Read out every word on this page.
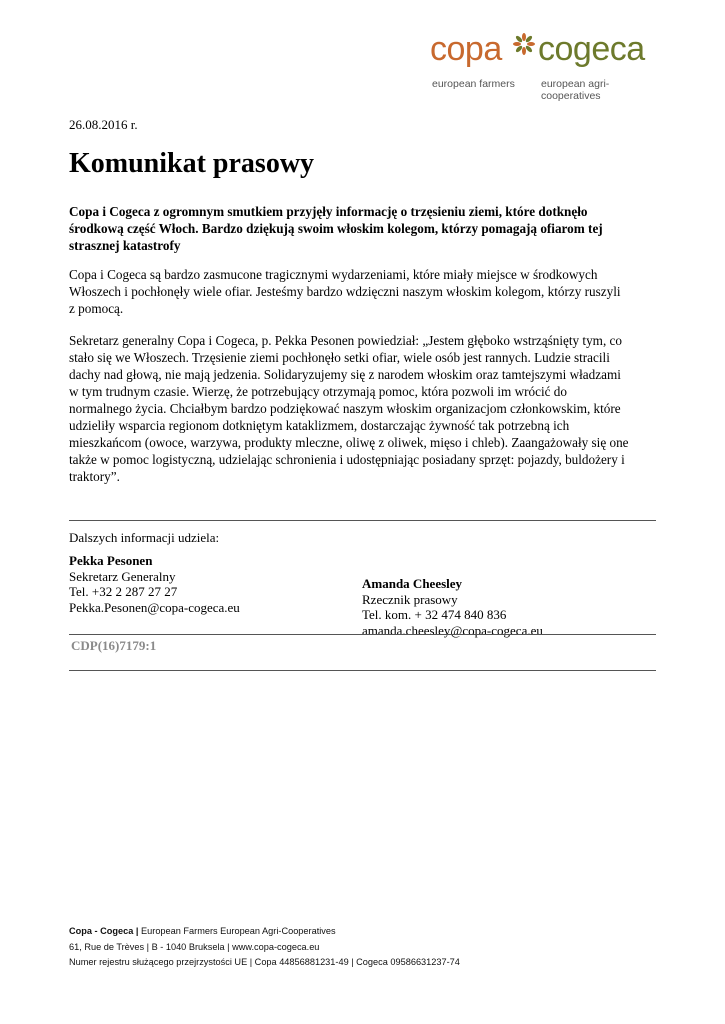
copa cogeca
european farmers european agri-cooperatives
26.08.2016 r.
Komunikat prasowy

Copa i Cogeca z ogromnym smutkiem przyjęły informację o trzęsieniu ziemi, które dotknęło środkową część Włoch. Bardzo dziękują swoim włoskim kolegom, którzy pomagają ofiarom tej strasznej katastrofy

Copa i Cogeca są bardzo zasmucone tragicznymi wydarzeniami, które miały miejsce w środkowych Włoszech i pochłonęły wiele ofiar. Jesteśmy bardzo wdzięczni naszym włoskim kolegom, którzy ruszyli z pomocą.

Sekretarz generalny Copa i Cogeca, p. Pekka Pesonen powiedział: „Jestem głęboko wstrząśnięty tym, co stało się we Włoszech. Trzęsienie ziemi pochłonęło setki ofiar, wiele osób jest rannych. Ludzie stracili dachy nad głową, nie mają jedzenia. Solidaryzujemy się z narodem włoskim oraz tamtejszymi władzami w tym trudnym czasie. Wierzę, że potrzebujący otrzymają pomoc, która pozwoli im wrócić do normalnego życia. Chciałbym bardzo podziękować naszym włoskim organizacjom członkowskim, które udzieliły wsparcia regionom dotkniętym kataklizmem, dostarczając żywność tak potrzebną ich mieszkańcom (owoce, warzywa, produkty mleczne, oliwę z oliwek, mięso i chleb). Zaangażowały się one także w pomoc logistyczną, udzielając schronienia i udostępniając posiadany sprzęt: pojazdy, buldożery i traktory”.

Dalszych informacji udziela:
Pekka Pesonen
Sekretarz Generalny
Tel. +32 2 287 27 27
Pekka.Pesonen@copa-cogeca.eu
Amanda Cheesley
Rzecznik prasowy
Tel. kom. + 32 474 840 836
amanda.cheesley@copa-cogeca.eu
CDP(16)7179:1
Copa - Cogeca | European Farmers European Agri-Cooperatives
61, Rue de Trèves | B - 1040 Bruksela | www.copa-cogeca.eu
Numer rejestru służącego przejrzystości UE | Copa 44856881231-49 | Cogeca 09586631237-74
